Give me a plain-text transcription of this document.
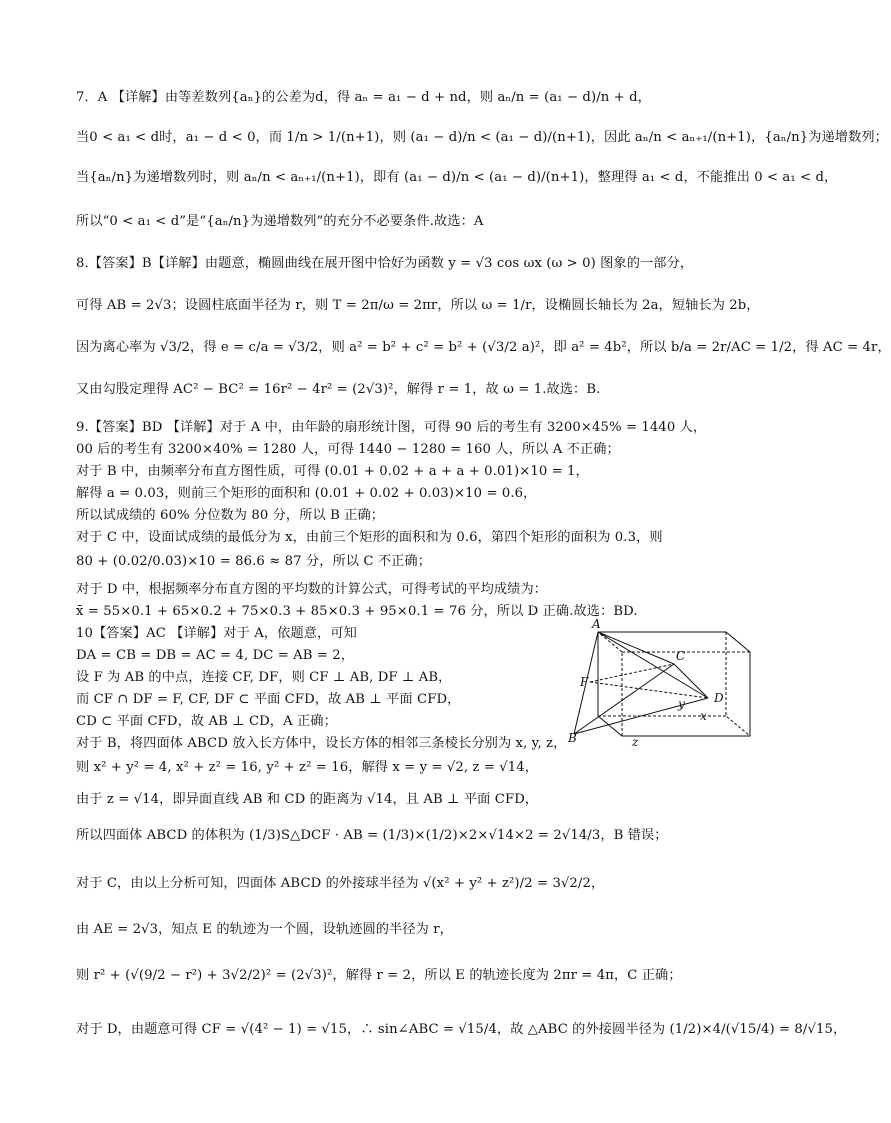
7．A 【详解】由等差数列{aₙ}的公差为d，得 aₙ = a₁ − d + nd，则 aₙ/n = (a₁ − d)/n + d，
当0 < a₁ < d时，a₁ − d < 0，而 1/n > 1/(n+1)，则 (a₁ − d)/n < (a₁ − d)/(n+1)，因此 aₙ/n < aₙ₊₁/(n+1)，{aₙ/n}为递增数列；
当{aₙ/n}为递增数列时，则 aₙ/n < aₙ₊₁/(n+1)，即有 (a₁ − d)/n < (a₁ − d)/(n+1)，整理得 a₁ < d，不能推出 0 < a₁ < d，
所以“0 < a₁ < d”是“{aₙ/n}为递增数列”的充分不必要条件.故选：A
8.【答案】B【详解】由题意，椭圆曲线在展开图中恰好为函数 y = √3 cos ωx (ω > 0) 图象的一部分，
可得 AB = 2√3；设圆柱底面半径为 r，则 T = 2π/ω = 2πr，所以 ω = 1/r，设椭圆长轴长为 2a，短轴长为 2b，
因为离心率为 √3/2，得 e = c/a = √3/2，则 a² = b² + c² = b² + (√3/2 a)²，即 a² = 4b²，所以 b/a = 2r/AC = 1/2，得 AC = 4r，
又由勾股定理得 AC² − BC² = 16r² − 4r² = (2√3)²，解得 r = 1，故 ω = 1.故选：B.
9.【答案】BD 【详解】对于 A 中，由年龄的扇形统计图，可得 90 后的考生有 3200×45% = 1440 人，
00 后的考生有 3200×40% = 1280 人，可得 1440 − 1280 = 160 人，所以 A 不正确；
对于 B 中，由频率分布直方图性质，可得 (0.01 + 0.02 + a + a + 0.01)×10 = 1，
解得 a = 0.03，则前三个矩形的面积和 (0.01 + 0.02 + 0.03)×10 = 0.6，
所以试成绩的 60% 分位数为 80 分，所以 B 正确；
对于 C 中，设面试成绩的最低分为 x，由前三个矩形的面积和为 0.6，第四个矩形的面积为 0.3，则
80 + (0.02/0.03)×10 = 86.6 ≈ 87 分，所以 C 不正确；
对于 D 中，根据频率分布直方图的平均数的计算公式，可得考试的平均成绩为：
x̄ = 55×0.1 + 65×0.2 + 75×0.3 + 85×0.3 + 95×0.1 = 76 分，所以 D 正确.故选：BD.
10【答案】AC 【详解】对于 A，依题意，可知
DA = CB = DB = AC = 4, DC = AB = 2，
设 F 为 AB 的中点，连接 CF, DF，则 CF ⊥ AB, DF ⊥ AB，
而 CF ∩ DF = F, CF, DF ⊂ 平面 CFD，故 AB ⊥ 平面 CFD，
CD ⊂ 平面 CFD，故 AB ⊥ CD，A 正确；
对于 B，将四面体 ABCD 放入长方体中，设长方体的相邻三条棱长分别为 x, y, z，
则 x² + y² = 4, x² + z² = 16, y² + z² = 16，解得 x = y = √2, z = √14，
由于 z = √14，即异面直线 AB 和 CD 的距离为 √14，且 AB ⊥ 平面 CFD，
所以四面体 ABCD 的体积为 (1/3)S△DCF · AB = (1/3)×(1/2)×2×√14×2 = 2√14/3，B 错误；
对于 C，由以上分析可知，四面体 ABCD 的外接球半径为 √(x² + y² + z²)/2 = 3√2/2，
由 AE = 2√3，知点 E 的轨迹为一个圆，设轨迹圆的半径为 r，
则 r² + (√(9/2 − r²) + 3√2/2)² = (2√3)²，解得 r = 2，所以 E 的轨迹长度为 2πr = 4π，C 正确；
对于 D，由题意可得 CF = √(4² − 1) = √15，∴ sin∠ABC = √15/4，故 △ABC 的外接圆半径为 (1/2)×4/(√15/4) = 8/√15，
A
B
C
D
F
x
y
z
